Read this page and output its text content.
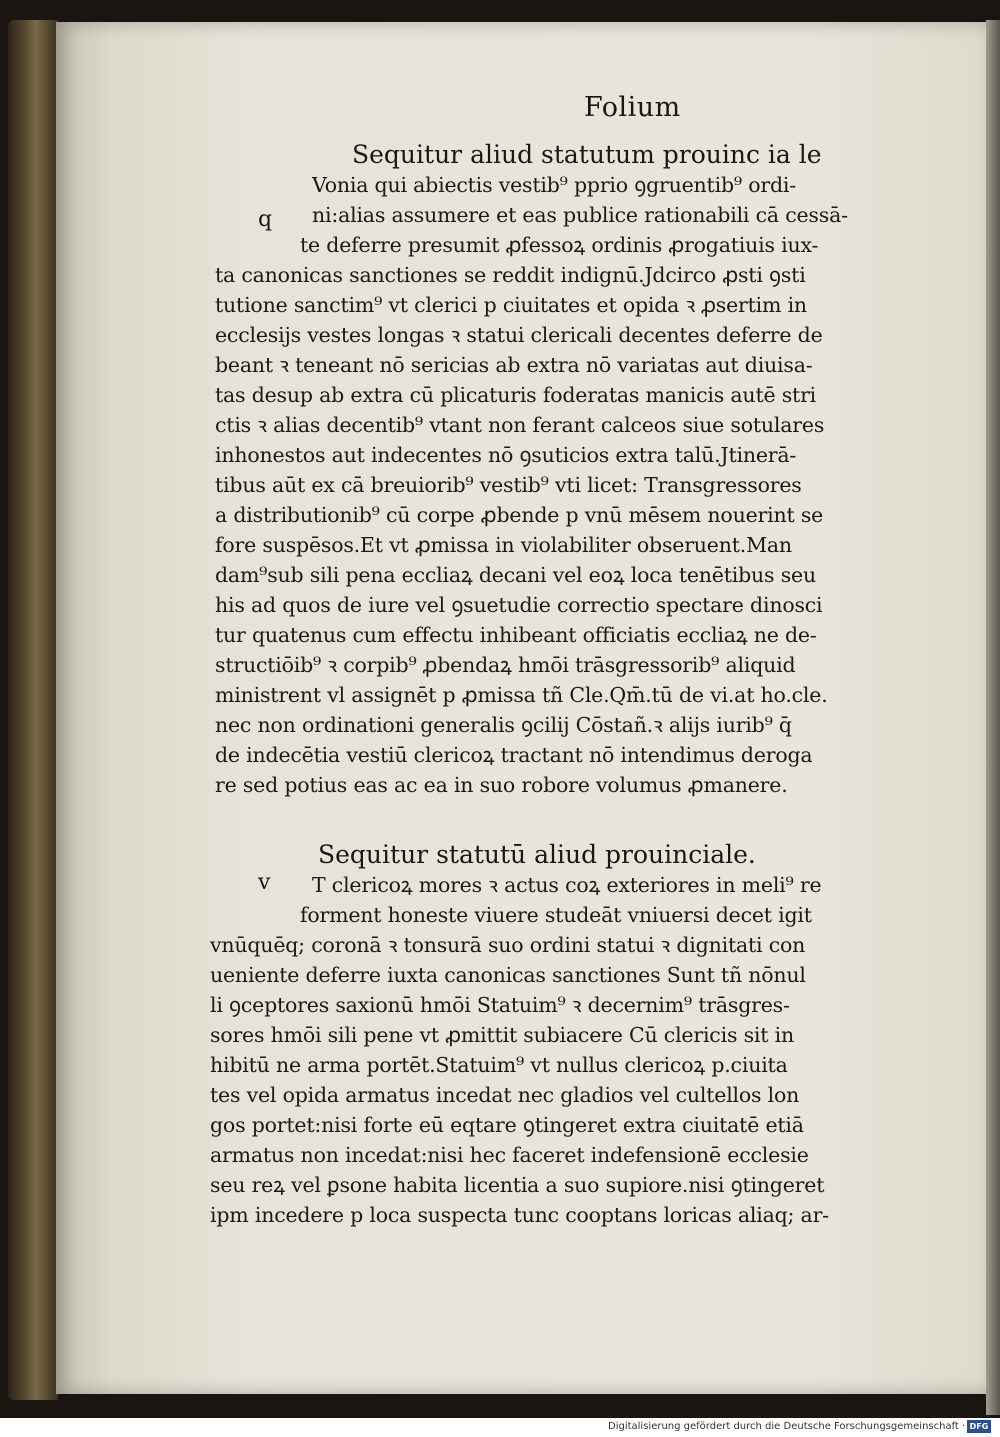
Folium
Sequitur aliud statutum prouinc ia le
q
Vonia qui abiectis vestib⁹ pprio ꝯgruentib⁹ ordi-
ni:alias assumere et eas publice rationabili cā cessā-
te deferre presumit ꝓfessoꝝ ordinis ꝓrogatiuis iux-
ta canonicas sanctiones se reddit indignū.Jdcirco ꝓsti ꝯsti
tutione sanctim⁹ vt clerici p ciuitates et opida ꝛ ꝓsertim in
ecclesijs vestes longas ꝛ statui clericali decentes deferre de
beant ꝛ teneant nō sericias ab extra nō variatas aut diuisa-
tas desup ab extra cū plicaturis foderatas manicis autē stri
ctis ꝛ alias decentib⁹ vtant non ferant calceos siue sotulares
inhonestos aut indecentes nō ꝯsuticios extra talū.Jtinerā-
tibus aūt ex cā breuiorib⁹ vestib⁹ vti licet: Transgressores
a distributionib⁹ cū corpe ꝓbende p vnū mēsem nouerint se
fore suspēsos.Et vt ꝓmissa in violabiliter obseruent.Man
dam⁹sub sili pena eccliaꝝ decani vel eoꝝ loca tenētibus seu
his ad quos de iure vel ꝯsuetudie correctio spectare dinosci
tur quatenus cum effectu inhibeant officiatis eccliaꝝ ne de-
structiōib⁹ ꝛ corpib⁹ ꝓbendaꝝ hmōi trāsgressorib⁹ aliquid
ministrent vl assignēt p ꝓmissa tñ Cle.Qm̄.tū de vi.at ho.cle.
nec non ordinationi generalis ꝯcilij Cōstañ.ꝛ alijs iurib⁹ q̄
de indecētia vestiū clericoꝝ tractant nō intendimus deroga
re sed potius eas ac ea in suo robore volumus ꝓmanere.
Sequitur statutū aliud prouinciale.
v T clericoꝝ mores ꝛ actus coꝝ exteriores in meli⁹ re
forment honeste viuere studeāt vniuersi decet igit
vnūquēq; coronā ꝛ tonsurā suo ordini statui ꝛ dignitati con
ueniente deferre iuxta canonicas sanctiones Sunt tñ nōnul
li ꝯceptores saxionū hmōi Statuim⁹ ꝛ decernim⁹ trāsgres-
sores hmōi sili pene vt ꝓmittit subiacere Cū clericis sit in
hibitū ne arma portēt.Statuim⁹ vt nullus clericoꝝ p.ciuita
tes vel opida armatus incedat nec gladios vel cultellos lon
gos portet:nisi forte eū eqtare ꝯtingeret extra ciuitatē etiā
armatus non incedat:nisi hec faceret indefensionē ecclesie
seu reꝝ vel ꝑsone habita licentia a suo supiore.nisi ꝯtingeret
ipm incedere p loca suspecta tunc cooptans loricas aliaq; ar-
Digitalisierung gefördert durch die Deutsche Forschungsgemeinschaft · DFG
